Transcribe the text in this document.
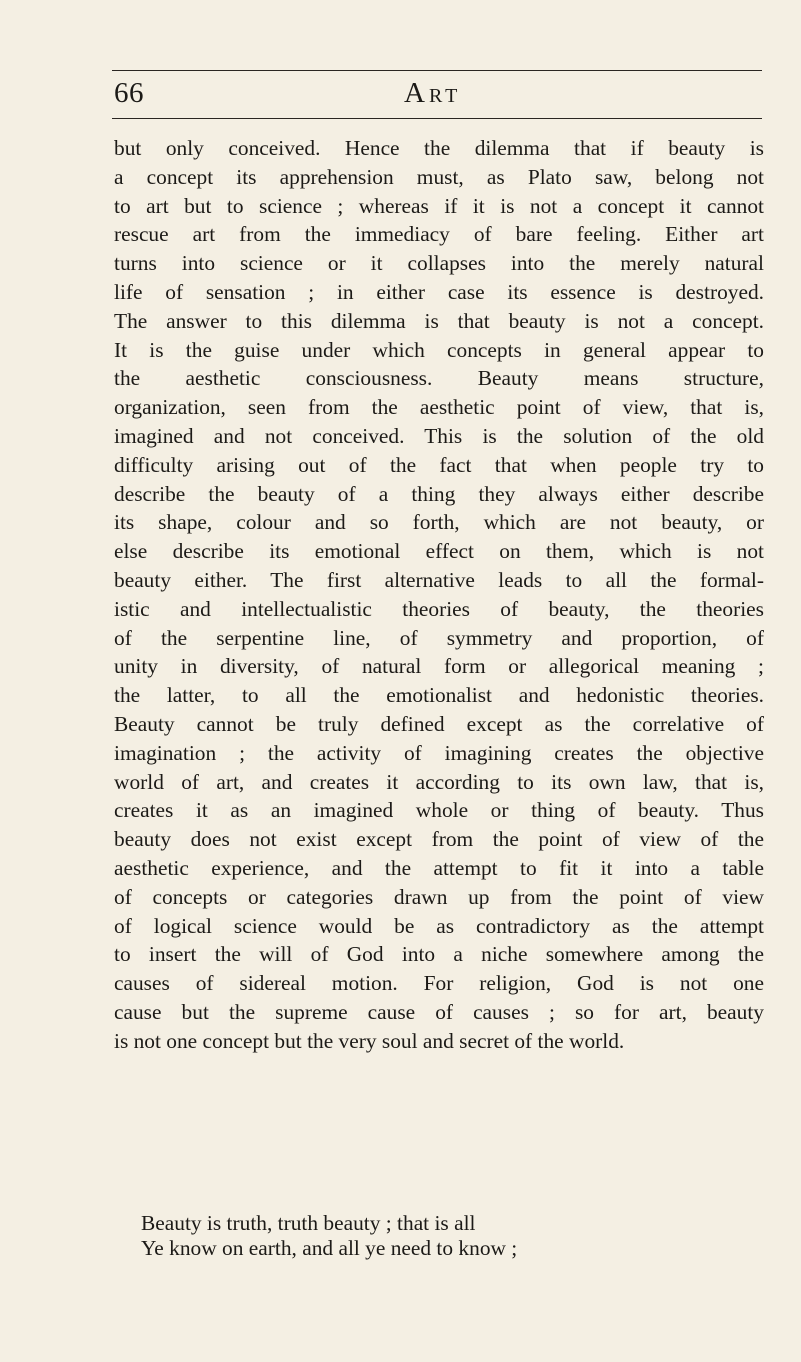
66	Art
but only conceived. Hence the dilemma that if beauty is
a concept its apprehension must, as Plato saw, belong not
to art but to science ; whereas if it is not a concept it cannot
rescue art from the immediacy of bare feeling. Either art
turns into science or it collapses into the merely natural
life of sensation ; in either case its essence is destroyed.
The answer to this dilemma is that beauty is not a concept.
It is the guise under which concepts in general appear to
the aesthetic consciousness. Beauty means structure,
organization, seen from the aesthetic point of view, that is,
imagined and not conceived. This is the solution of the old
difficulty arising out of the fact that when people try to
describe the beauty of a thing they always either describe
its shape, colour and so forth, which are not beauty, or
else describe its emotional effect on them, which is not
beauty either. The first alternative leads to all the formal-
istic and intellectualistic theories of beauty, the theories
of the serpentine line, of symmetry and proportion, of
unity in diversity, of natural form or allegorical meaning ;
the latter, to all the emotionalist and hedonistic theories.
Beauty cannot be truly defined except as the correlative of
imagination ; the activity of imagining creates the objective
world of art, and creates it according to its own law, that is,
creates it as an imagined whole or thing of beauty. Thus
beauty does not exist except from the point of view of the
aesthetic experience, and the attempt to fit it into a table
of concepts or categories drawn up from the point of view
of logical science would be as contradictory as the attempt
to insert the will of God into a niche somewhere among the
causes of sidereal motion. For religion, God is not one
cause but the supreme cause of causes ; so for art, beauty
is not one concept but the very soul and secret of the world.
Beauty is truth, truth beauty ; that is all
Ye know on earth, and all ye need to know ;
